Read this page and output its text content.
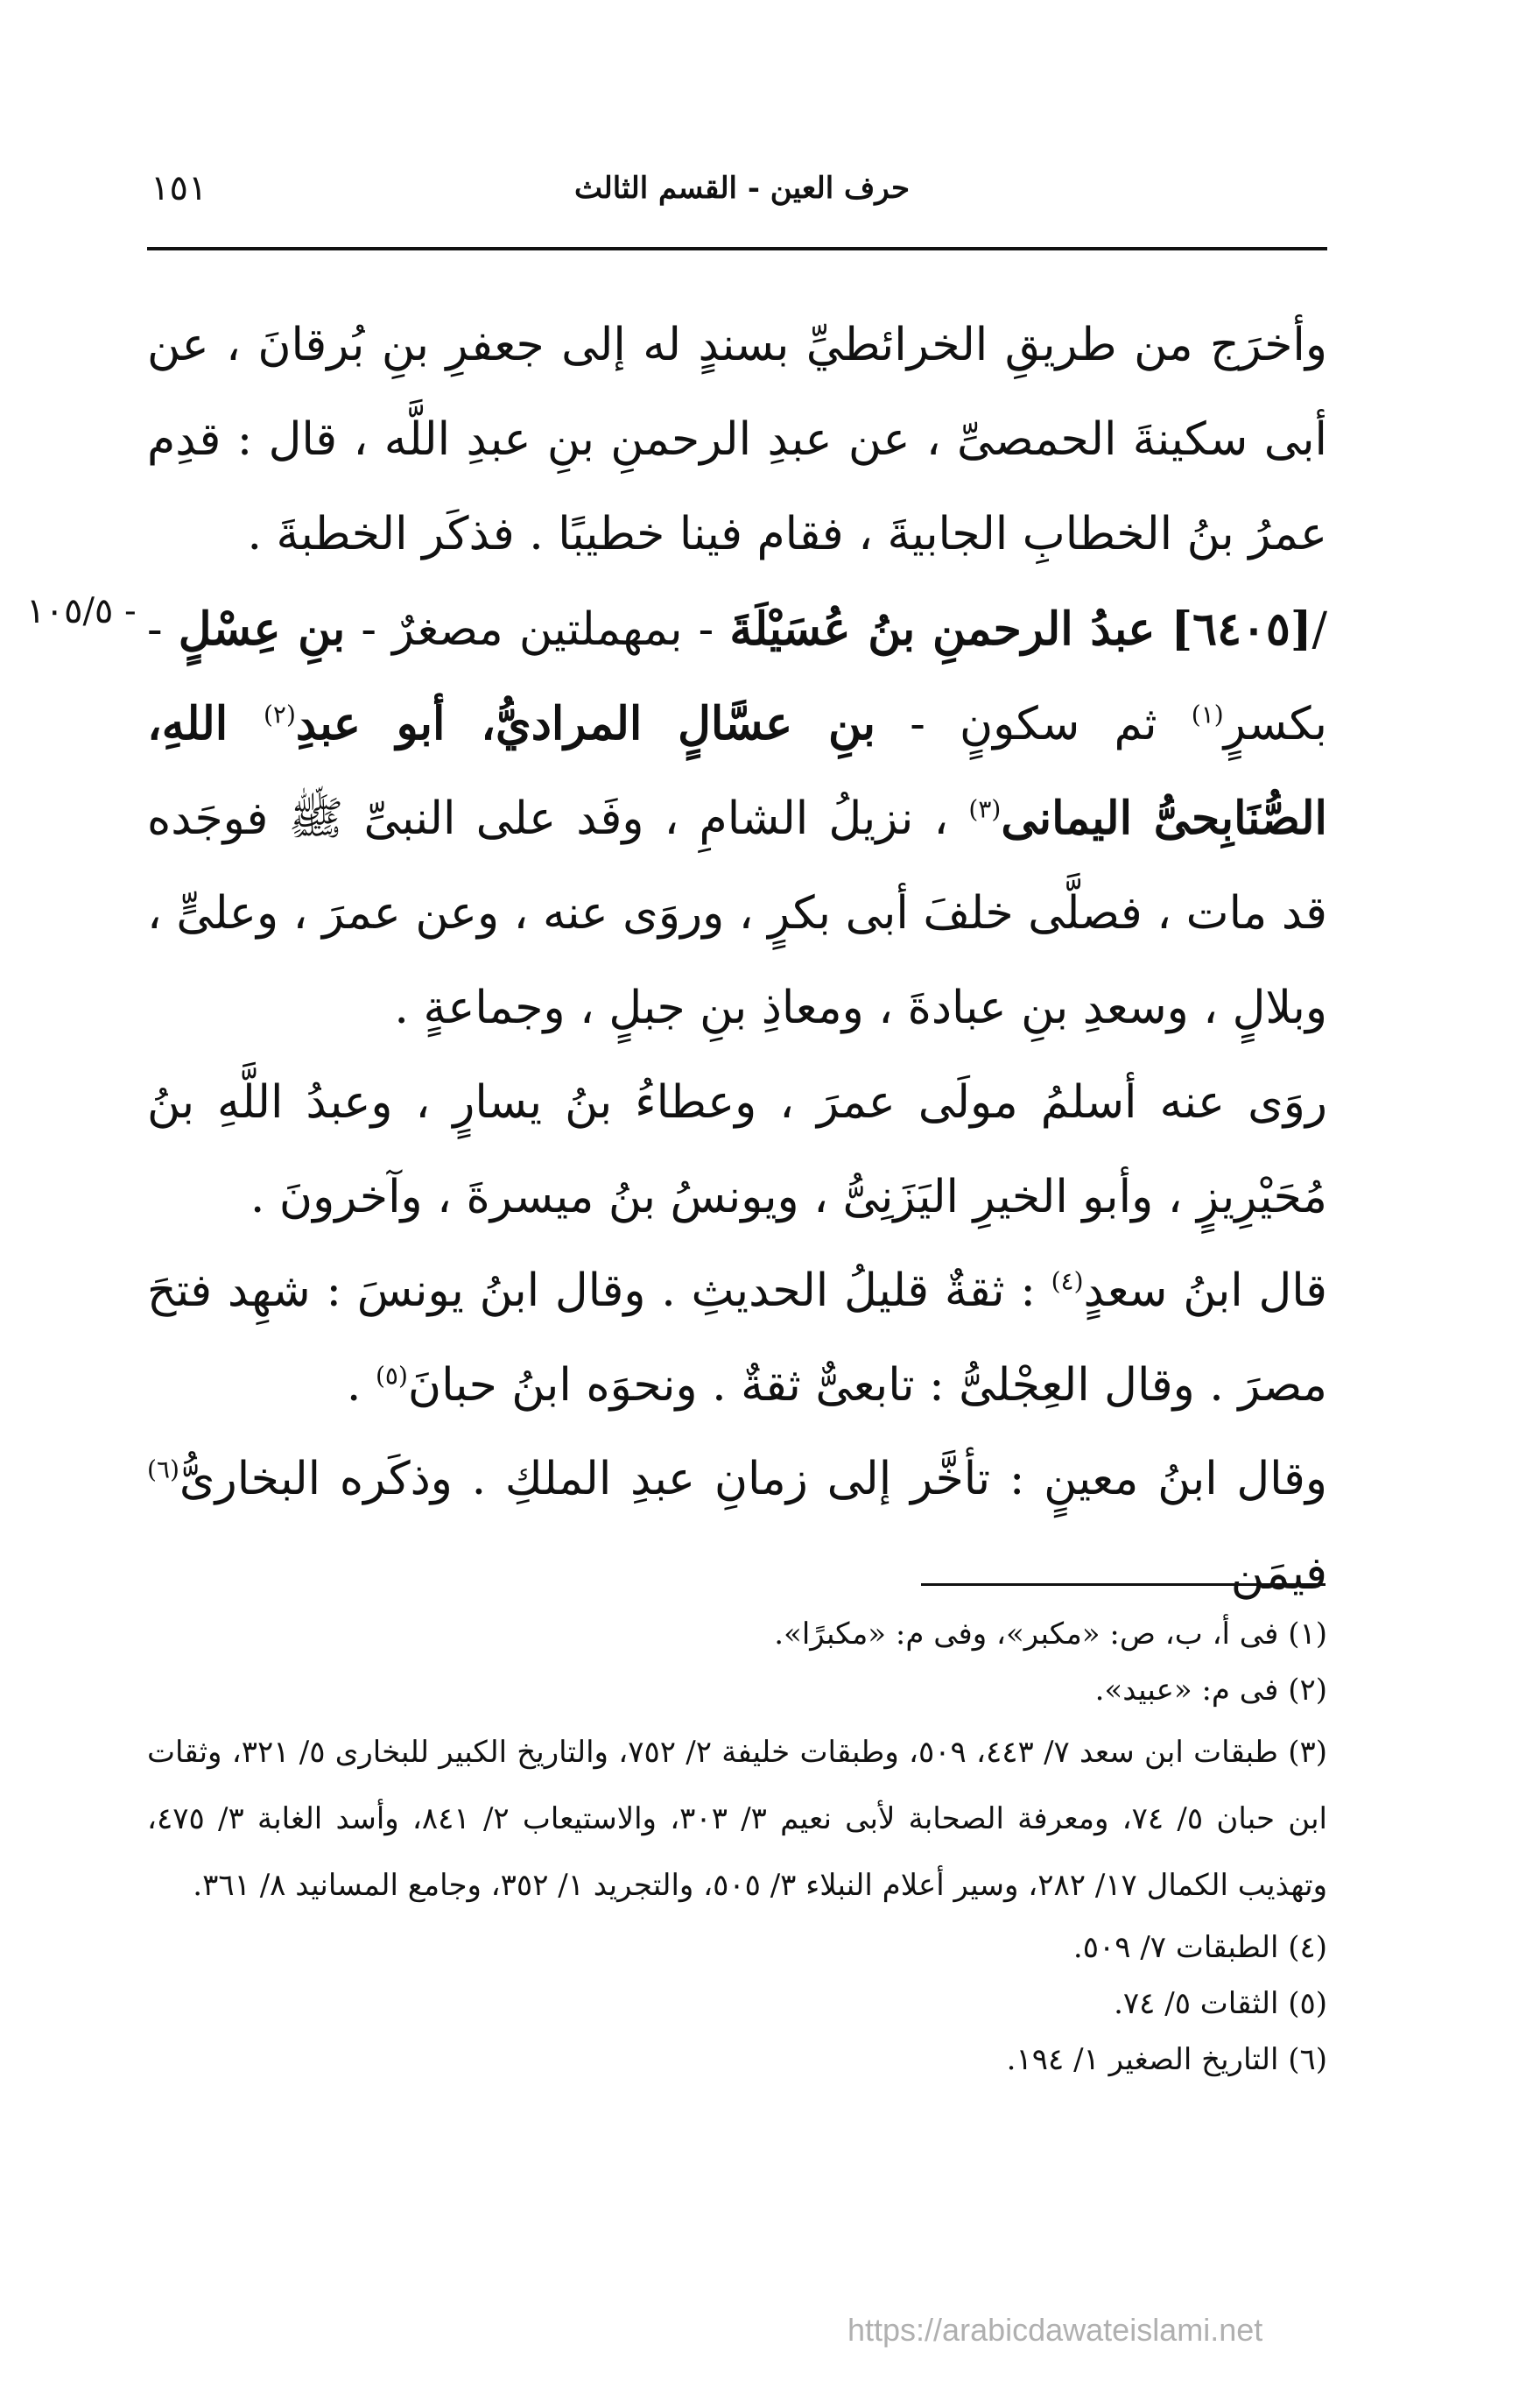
حرف العين - القسم الثالث
١٥١

وأخرَج من طريقِ الخرائطيِّ بسندٍ له إلى جعفرِ بنِ بُرقانَ ، عن أبى سكينةَ الحمصىِّ ، عن عبدِ الرحمنِ بنِ عبدِ اللَّه ، قال : قدِم عمرُ بنُ الخطابِ الجابيةَ ، فقام فينا خطيبًا . فذكَر الخطبةَ .

- ١٠٥/٥	/[٦٤٠٥] عبدُ الرحمنِ بنُ عُسَيْلَةَ - بمهملتين مصغرٌ - بنِ عِسْلٍ - بكسرٍ$^{(١)}$ ثم سكونٍ - بنِ عسَّالٍ المراديُّ، أبو عبدِ$^{(٢)}$ اللهِ، الصُّنَابِحىُّ اليمانى$^{(٣)}$ ، نزيلُ الشامِ ، وفَد على النبىِّ ﷺ فوجَده قد مات ، فصلَّى خلفَ أبى بكرٍ ، وروَى عنه ، وعن عمرَ ، وعلىٍّ ، وبلالٍ ، وسعدِ بنِ عبادةَ ، ومعاذِ بنِ جبلٍ ، وجماعةٍ .

روَى عنه أسلمُ مولَى عمرَ ، وعطاءُ بنُ يسارٍ ، وعبدُ اللَّهِ بنُ مُحَيْرِيزٍ ، وأبو الخيرِ اليَزَنِىُّ ، ويونسُ بنُ ميسرةَ ، وآخرونَ .

قال ابنُ سعدٍ$^{(٤)}$ : ثقةٌ قليلُ الحديثِ . وقال ابنُ يونسَ : شهِد فتحَ مصرَ . وقال العِجْلىُّ : تابعىٌّ ثقةٌ . ونحوَه ابنُ حبانَ$^{(٥)}$ .

وقال ابنُ معينٍ : تأخَّر إلى زمانِ عبدِ الملكِ . وذكَره البخارىُّ$^{(٦)}$ فيمَن

(١) فى أ، ب، ص: «مكبر»، وفى م: «مكبرًا».

(٢) فى م: «عبيد».

(٣) طبقات ابن سعد ٧/ ٤٤٣، ٥٠٩، وطبقات خليفة ٢/ ٧٥٢، والتاريخ الكبير للبخارى ٥/ ٣٢١، وثقات ابن حبان ٥/ ٧٤، ومعرفة الصحابة لأبى نعيم ٣/ ٣٠٣، والاستيعاب ٢/ ٨٤١، وأسد الغابة ٣/ ٤٧٥، وتهذيب الكمال ١٧/ ٢٨٢، وسير أعلام النبلاء ٣/ ٥٠٥، والتجريد ١/ ٣٥٢، وجامع المسانيد ٨/ ٣٦١.

(٤) الطبقات ٧/ ٥٠٩.

(٥) الثقات ٥/ ٧٤.

(٦) التاريخ الصغير ١/ ١٩٤.

https://arabicdawateislami.net
